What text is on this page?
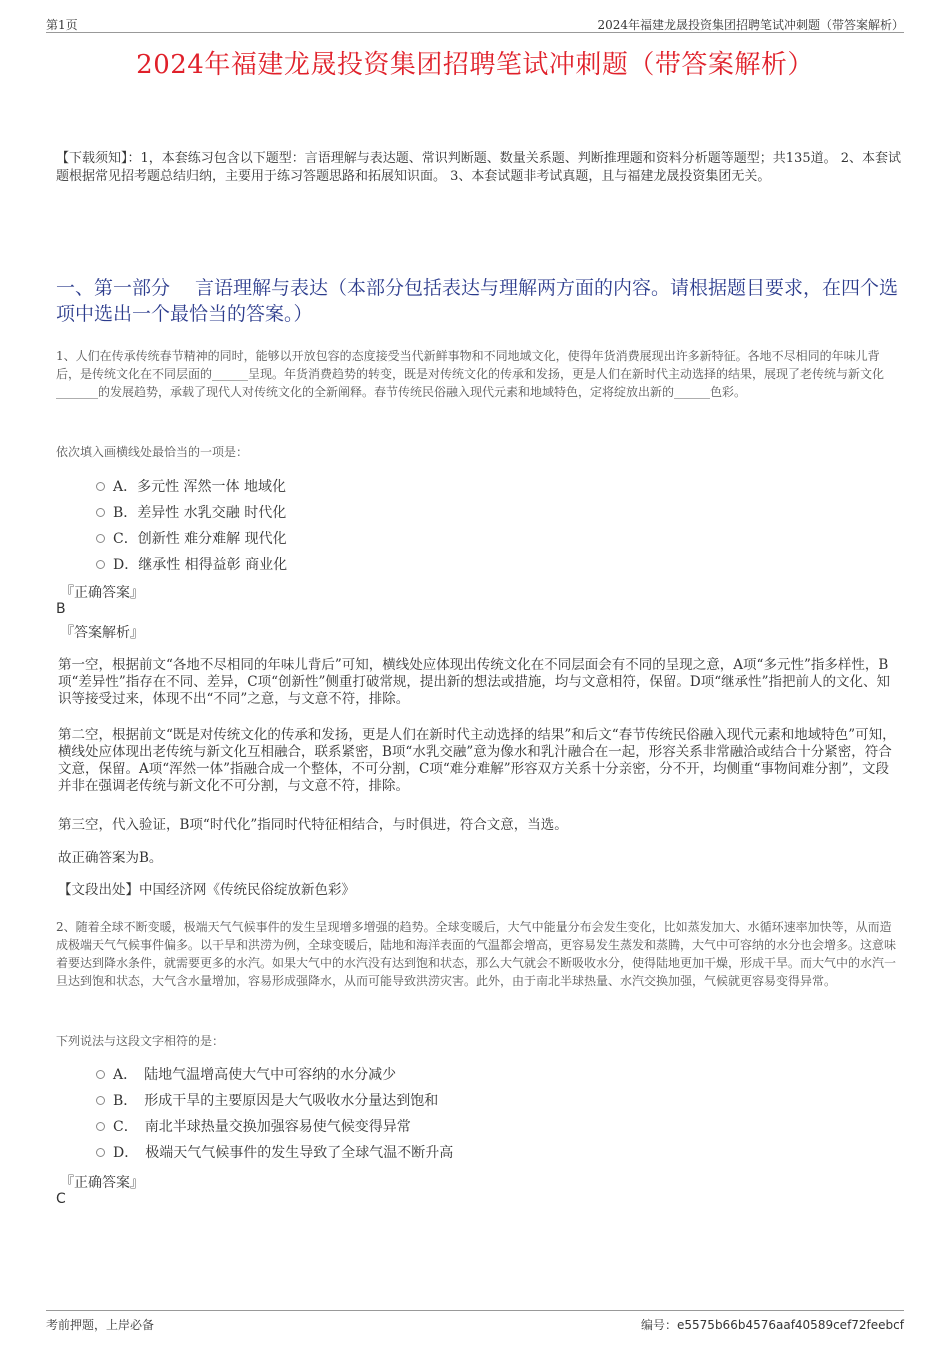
第1页	2024年福建龙晟投资集团招聘笔试冲刺题（带答案解析）
2024年福建龙晟投资集团招聘笔试冲刺题（带答案解析）
【下载须知】：1，本套练习包含以下题型：言语理解与表达题、常识判断题、数量关系题、判断推理题和资料分析题等题型；共135道。 2、本套试题根据常见招考题总结归纳，主要用于练习答题思路和拓展知识面。 3、本套试题非考试真题，且与福建龙晟投资集团无关。
一、第一部分　 言语理解与表达（本部分包括表达与理解两方面的内容。请根据题目要求，在四个选项中选出一个最恰当的答案。）
1、人们在传承传统春节精神的同时，能够以开放包容的态度接受当代新鲜事物和不同地域文化，使得年货消费展现出许多新特征。各地不尽相同的年味儿背后，是传统文化在不同层面的______呈现。年货消费趋势的转变，既是对传统文化的传承和发扬，更是人们在新时代主动选择的结果，展现了老传统与新文化_______的发展趋势，承载了现代人对传统文化的全新阐释。春节传统民俗融入现代元素和地域特色，定将绽放出新的______色彩。
依次填入画横线处最恰当的一项是：
A．多元性 浑然一体 地域化
B．差异性 水乳交融 时代化
C．创新性 难分难解 现代化
D．继承性 相得益彰 商业化
『正确答案』
B
『答案解析』

第一空，根据前文“各地不尽相同的年味儿背后”可知，横线处应体现出传统文化在不同层面会有不同的呈现之意，A项“多元性”指多样性，B项“差异性”指存在不同、差异，C项“创新性”侧重打破常规，提出新的想法或措施，均与文意相符，保留。D项“继承性”指把前人的文化、知识等接受过来，体现不出“不同”之意，与文意不符，排除。

第二空，根据前文“既是对传统文化的传承和发扬，更是人们在新时代主动选择的结果”和后文“春节传统民俗融入现代元素和地域特色”可知，横线处应体现出老传统与新文化互相融合，联系紧密，B项“水乳交融”意为像水和乳汁融合在一起，形容关系非常融洽或结合十分紧密，符合文意，保留。A项“浑然一体”指融合成一个整体，不可分割，C项“难分难解”形容双方关系十分亲密，分不开，均侧重“事物间难分割”，文段并非在强调老传统与新文化不可分割，与文意不符，排除。

第三空，代入验证，B项“时代化”指同时代特征相结合，与时俱进，符合文意，当选。

故正确答案为B。

【文段出处】中国经济网《传统民俗绽放新色彩》

2、随着全球不断变暖，极端天气气候事件的发生呈现增多增强的趋势。全球变暖后，大气中能量分布会发生变化，比如蒸发加大、水循环速率加快等，从而造成极端天气气候事件偏多。以干旱和洪涝为例，全球变暖后，陆地和海洋表面的气温都会增高，更容易发生蒸发和蒸腾，大气中可容纳的水分也会增多。这意味着要达到降水条件，就需要更多的水汽。如果大气中的水汽没有达到饱和状态，那么大气就会不断吸收水分，使得陆地更加干燥，形成干旱。而大气中的水汽一旦达到饱和状态，大气含水量增加，容易形成强降水，从而可能导致洪涝灾害。此外，由于南北半球热量、水汽交换加强，气候就更容易变得异常。
下列说法与这段文字相符的是：
A．　陆地气温增高使大气中可容纳的水分减少
B．　形成干旱的主要原因是大气吸收水分量达到饱和
C．　南北半球热量交换加强容易使气候变得异常
D．　极端天气气候事件的发生导致了全球气温不断升高
『正确答案』
C
考前押题，上岸必备	编号：e5575b66b4576aaf40589cef72feebcf
